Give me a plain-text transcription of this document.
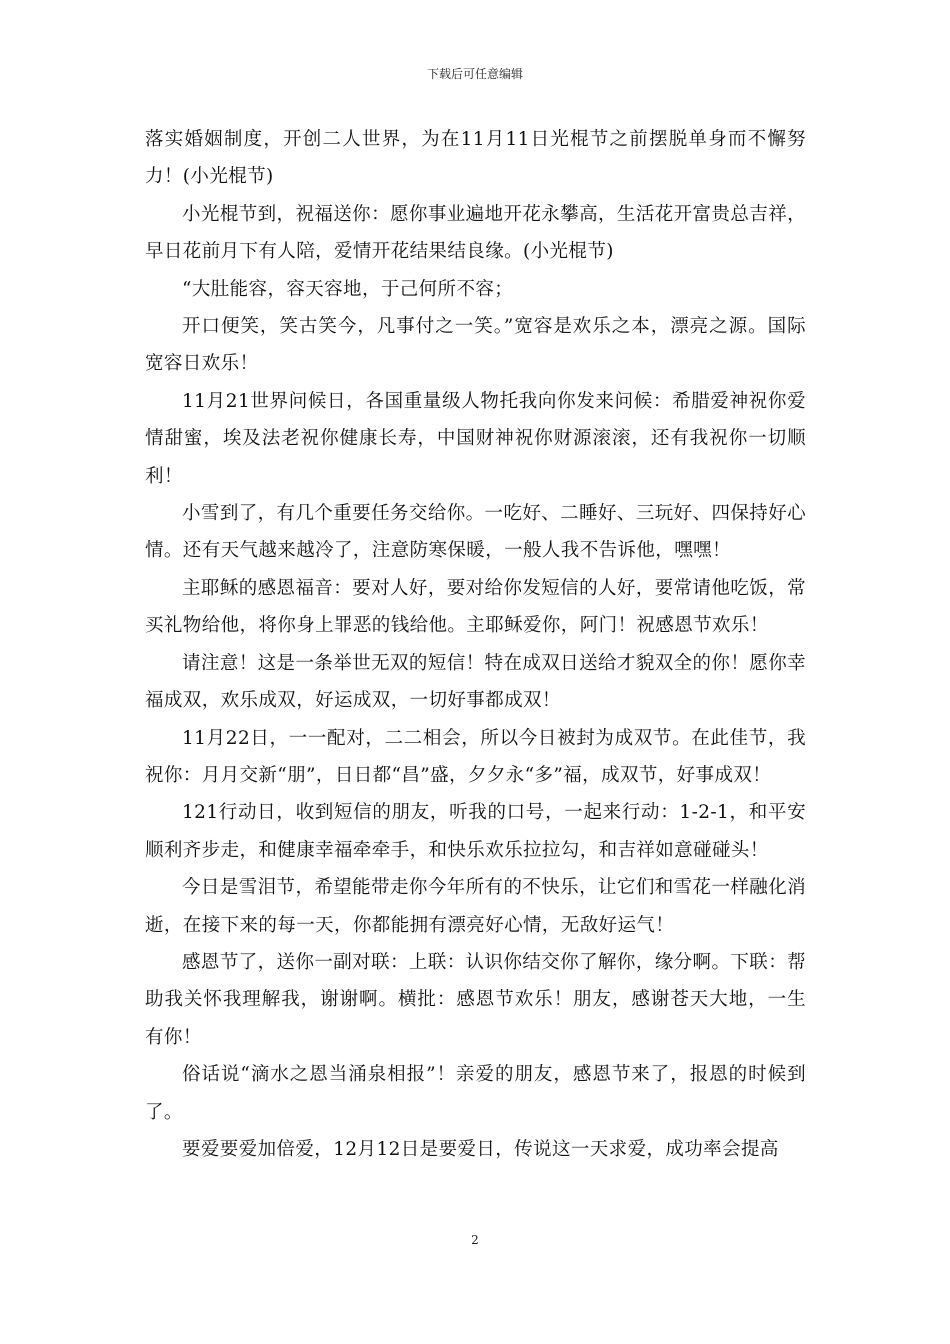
下载后可任意编辑

落实婚姻制度，开创二人世界，为在11月11日光棍节之前摆脱单身而不懈努力！(小光棍节)

小光棍节到，祝福送你：愿你事业遍地开花永攀高，生活花开富贵总吉祥，早日花前月下有人陪，爱情开花结果结良缘。(小光棍节)

“大肚能容，容天容地，于己何所不容；

开口便笑，笑古笑今，凡事付之一笑。”宽容是欢乐之本，漂亮之源。国际宽容日欢乐！

11月21世界问候日，各国重量级人物托我向你发来问候：希腊爱神祝你爱情甜蜜，埃及法老祝你健康长寿，中国财神祝你财源滚滚，还有我祝你一切顺利！

小雪到了，有几个重要任务交给你。一吃好、二睡好、三玩好、四保持好心情。还有天气越来越冷了，注意防寒保暖，一般人我不告诉他，嘿嘿！

主耶稣的感恩福音：要对人好，要对给你发短信的人好，要常请他吃饭，常买礼物给他，将你身上罪恶的钱给他。主耶稣爱你，阿门！祝感恩节欢乐！

请注意！这是一条举世无双的短信！特在成双日送给才貌双全的你！愿你幸福成双，欢乐成双，好运成双，一切好事都成双！

11月22日，一一配对，二二相会，所以今日被封为成双节。在此佳节，我祝你：月月交新“朋”，日日都“昌”盛，夕夕永“多”福，成双节，好事成双！

121行动日，收到短信的朋友，听我的口号，一起来行动：1-2-1，和平安顺利齐步走，和健康幸福牵牵手，和快乐欢乐拉拉勾，和吉祥如意碰碰头！

今日是雪泪节，希望能带走你今年所有的不快乐，让它们和雪花一样融化消逝，在接下来的每一天，你都能拥有漂亮好心情，无敌好运气！

感恩节了，送你一副对联：上联：认识你结交你了解你，缘分啊。下联：帮助我关怀我理解我，谢谢啊。横批：感恩节欢乐！朋友，感谢苍天大地，一生有你！

俗话说“滴水之恩当涌泉相报”！亲爱的朋友，感恩节来了，报恩的时候到了。

要爱要爱加倍爱，12月12日是要爱日，传说这一天求爱，成功率会提高

2
